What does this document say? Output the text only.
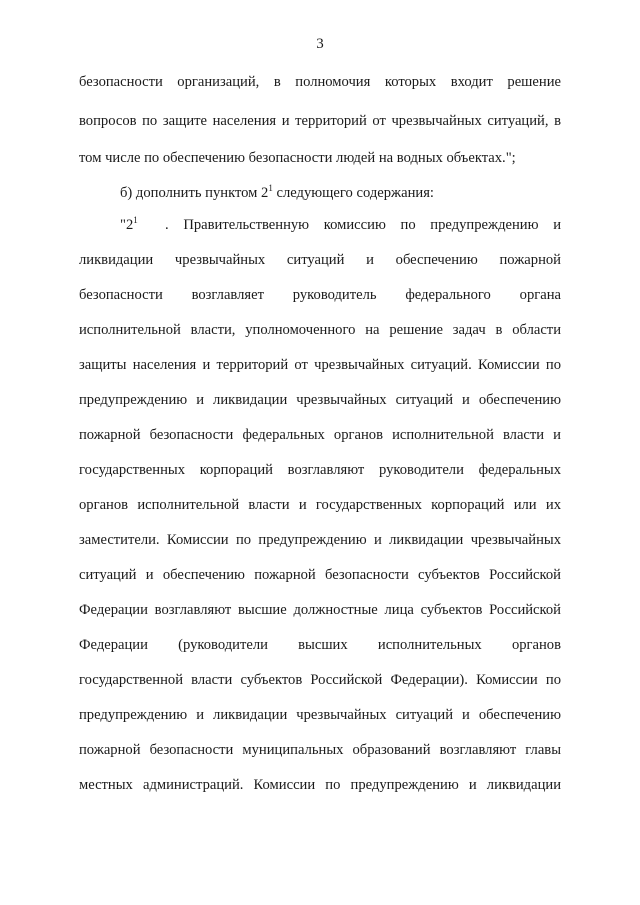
3
безопасности организаций, в полномочия которых входит решение
вопросов по защите населения и территорий от чрезвычайных ситуаций, в
том числе по обеспечению безопасности людей на водных объектах.";
б) дополнить пунктом $2^1$ следующего содержания:
"$2^1$ . Правительственную комиссию по предупреждению и
ликвидации чрезвычайных ситуаций и обеспечению пожарной
безопасности возглавляет руководитель федерального органа
исполнительной власти, уполномоченного на решение задач в области
защиты населения и территорий от чрезвычайных ситуаций. Комиссии по
предупреждению и ликвидации чрезвычайных ситуаций и обеспечению
пожарной безопасности федеральных органов исполнительной власти и
государственных корпораций возглавляют руководители федеральных
органов исполнительной власти и государственных корпораций или их
заместители. Комиссии по предупреждению и ликвидации чрезвычайных
ситуаций и обеспечению пожарной безопасности субъектов Российской
Федерации возглавляют высшие должностные лица субъектов Российской
Федерации (руководители высших исполнительных органов
государственной власти субъектов Российской Федерации). Комиссии по
предупреждению и ликвидации чрезвычайных ситуаций и обеспечению
пожарной безопасности муниципальных образований возглавляют главы
местных администраций. Комиссии по предупреждению и ликвидации
